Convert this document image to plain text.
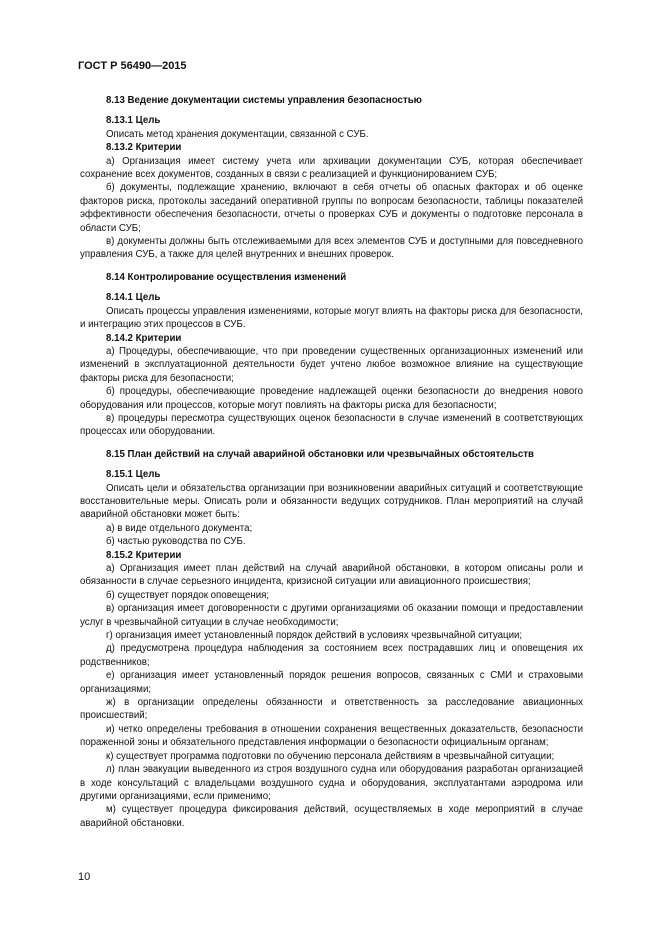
ГОСТ Р 56490—2015

8.13 Ведение документации системы управления безопасностью

8.13.1 Цель

Описать метод хранения документации, связанной с СУБ.

8.13.2 Критерии

а) Организация имеет систему учета или архивации документации СУБ, которая обеспечивает сохранение всех документов, созданных в связи с реализацией и функционированием СУБ;

б) документы, подлежащие хранению, включают в себя отчеты об опасных факторах и об оценке факторов риска, протоколы заседаний оперативной группы по вопросам безопасности, таблицы показателей эффективности обеспечения безопасности, отчеты о проверках СУБ и документы о подготовке персонала в области СУБ;

в) документы должны быть отслеживаемыми для всех элементов СУБ и доступными для повседневного управления СУБ, а также для целей внутренних и внешних проверок.

8.14 Контролирование осуществления изменений

8.14.1 Цель

Описать процессы управления изменениями, которые могут влиять на факторы риска для безопасности, и интеграцию этих процессов в СУБ.

8.14.2 Критерии

а) Процедуры, обеспечивающие, что при проведении существенных организационных изменений или изменений в эксплуатационной деятельности будет учтено любое возможное влияние на существующие факторы риска для безопасности;

б) процедуры, обеспечивающие проведение надлежащей оценки безопасности до внедрения нового оборудования или процессов, которые могут повлиять на факторы риска для безопасности;

в) процедуры пересмотра существующих оценок безопасности в случае изменений в соответствующих процессах или оборудовании.

8.15 План действий на случай аварийной обстановки или чрезвычайных обстоятельств

8.15.1 Цель

Описать цели и обязательства организации при возникновении аварийных ситуаций и соответствующие восстановительные меры. Описать роли и обязанности ведущих сотрудников. План мероприятий на случай аварийной обстановки может быть:

а) в виде отдельного документа;

б) частью руководства по СУБ.

8.15.2 Критерии

а) Организация имеет план действий на случай аварийной обстановки, в котором описаны роли и обязанности в случае серьезного инцидента, кризисной ситуации или авиационного происшествия;

б) существует порядок оповещения;

в) организация имеет договоренности с другими организациями об оказании помощи и предоставлении услуг в чрезвычайной ситуации в случае необходимости;

г) организация имеет установленный порядок действий в условиях чрезвычайной ситуации;

д) предусмотрена процедура наблюдения за состоянием всех пострадавших лиц и оповещения их родственников;

е) организация имеет установленный порядок решения вопросов, связанных с СМИ и страховыми организациями;

ж) в организации определены обязанности и ответственность за расследование авиационных происшествий;

и) четко определены требования в отношении сохранения вещественных доказательств, безопасности пораженной зоны и обязательного представления информации о безопасности официальным органам;

к) существует программа подготовки по обучению персонала действиям в чрезвычайной ситуации;

л) план эвакуации выведенного из строя воздушного судна или оборудования разработан организацией в ходе консультаций с владельцами воздушного судна и оборудования, эксплуатантами аэродрома или другими организациями, если применимо;

м) существует процедура фиксирования действий, осуществляемых в ходе мероприятий в случае аварийной обстановки.

10
